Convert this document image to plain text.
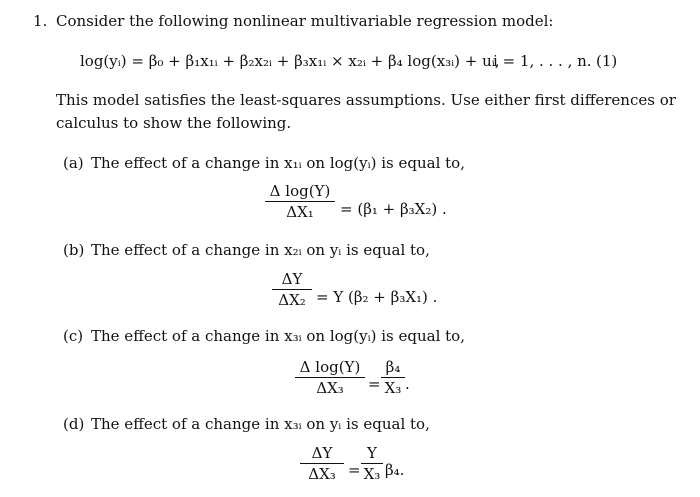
1. Consider the following nonlinear multivariable regression model:
log(yᵢ) = β₀ + β₁x₁ᵢ + β₂x₂ᵢ + β₃x₁ᵢ × x₂ᵢ + β₄ log(x₃ᵢ) + uᵢ,
i = 1, . . . , n. (1)
This model satisfies the least-squares assumptions. Use either first differences or
calculus to show the following.
(a) The effect of a change in x₁ᵢ on log(yᵢ) is equal to,
Δ log(Y)
ΔX₁	= (β₁ + β₃X₂) .
(b) The effect of a change in x₂ᵢ on yᵢ is equal to,
ΔY
ΔX₂ = Y (β₂ + β₃X₁) .
(c) The effect of a change in x₃ᵢ on log(yᵢ) is equal to,
Δ log(Y)
ΔX₃	=
β₄
X₃ .
(d) The effect of a change in x₃ᵢ on yᵢ is equal to,
ΔY
ΔX₃ =
Y
X₃ β₄.
